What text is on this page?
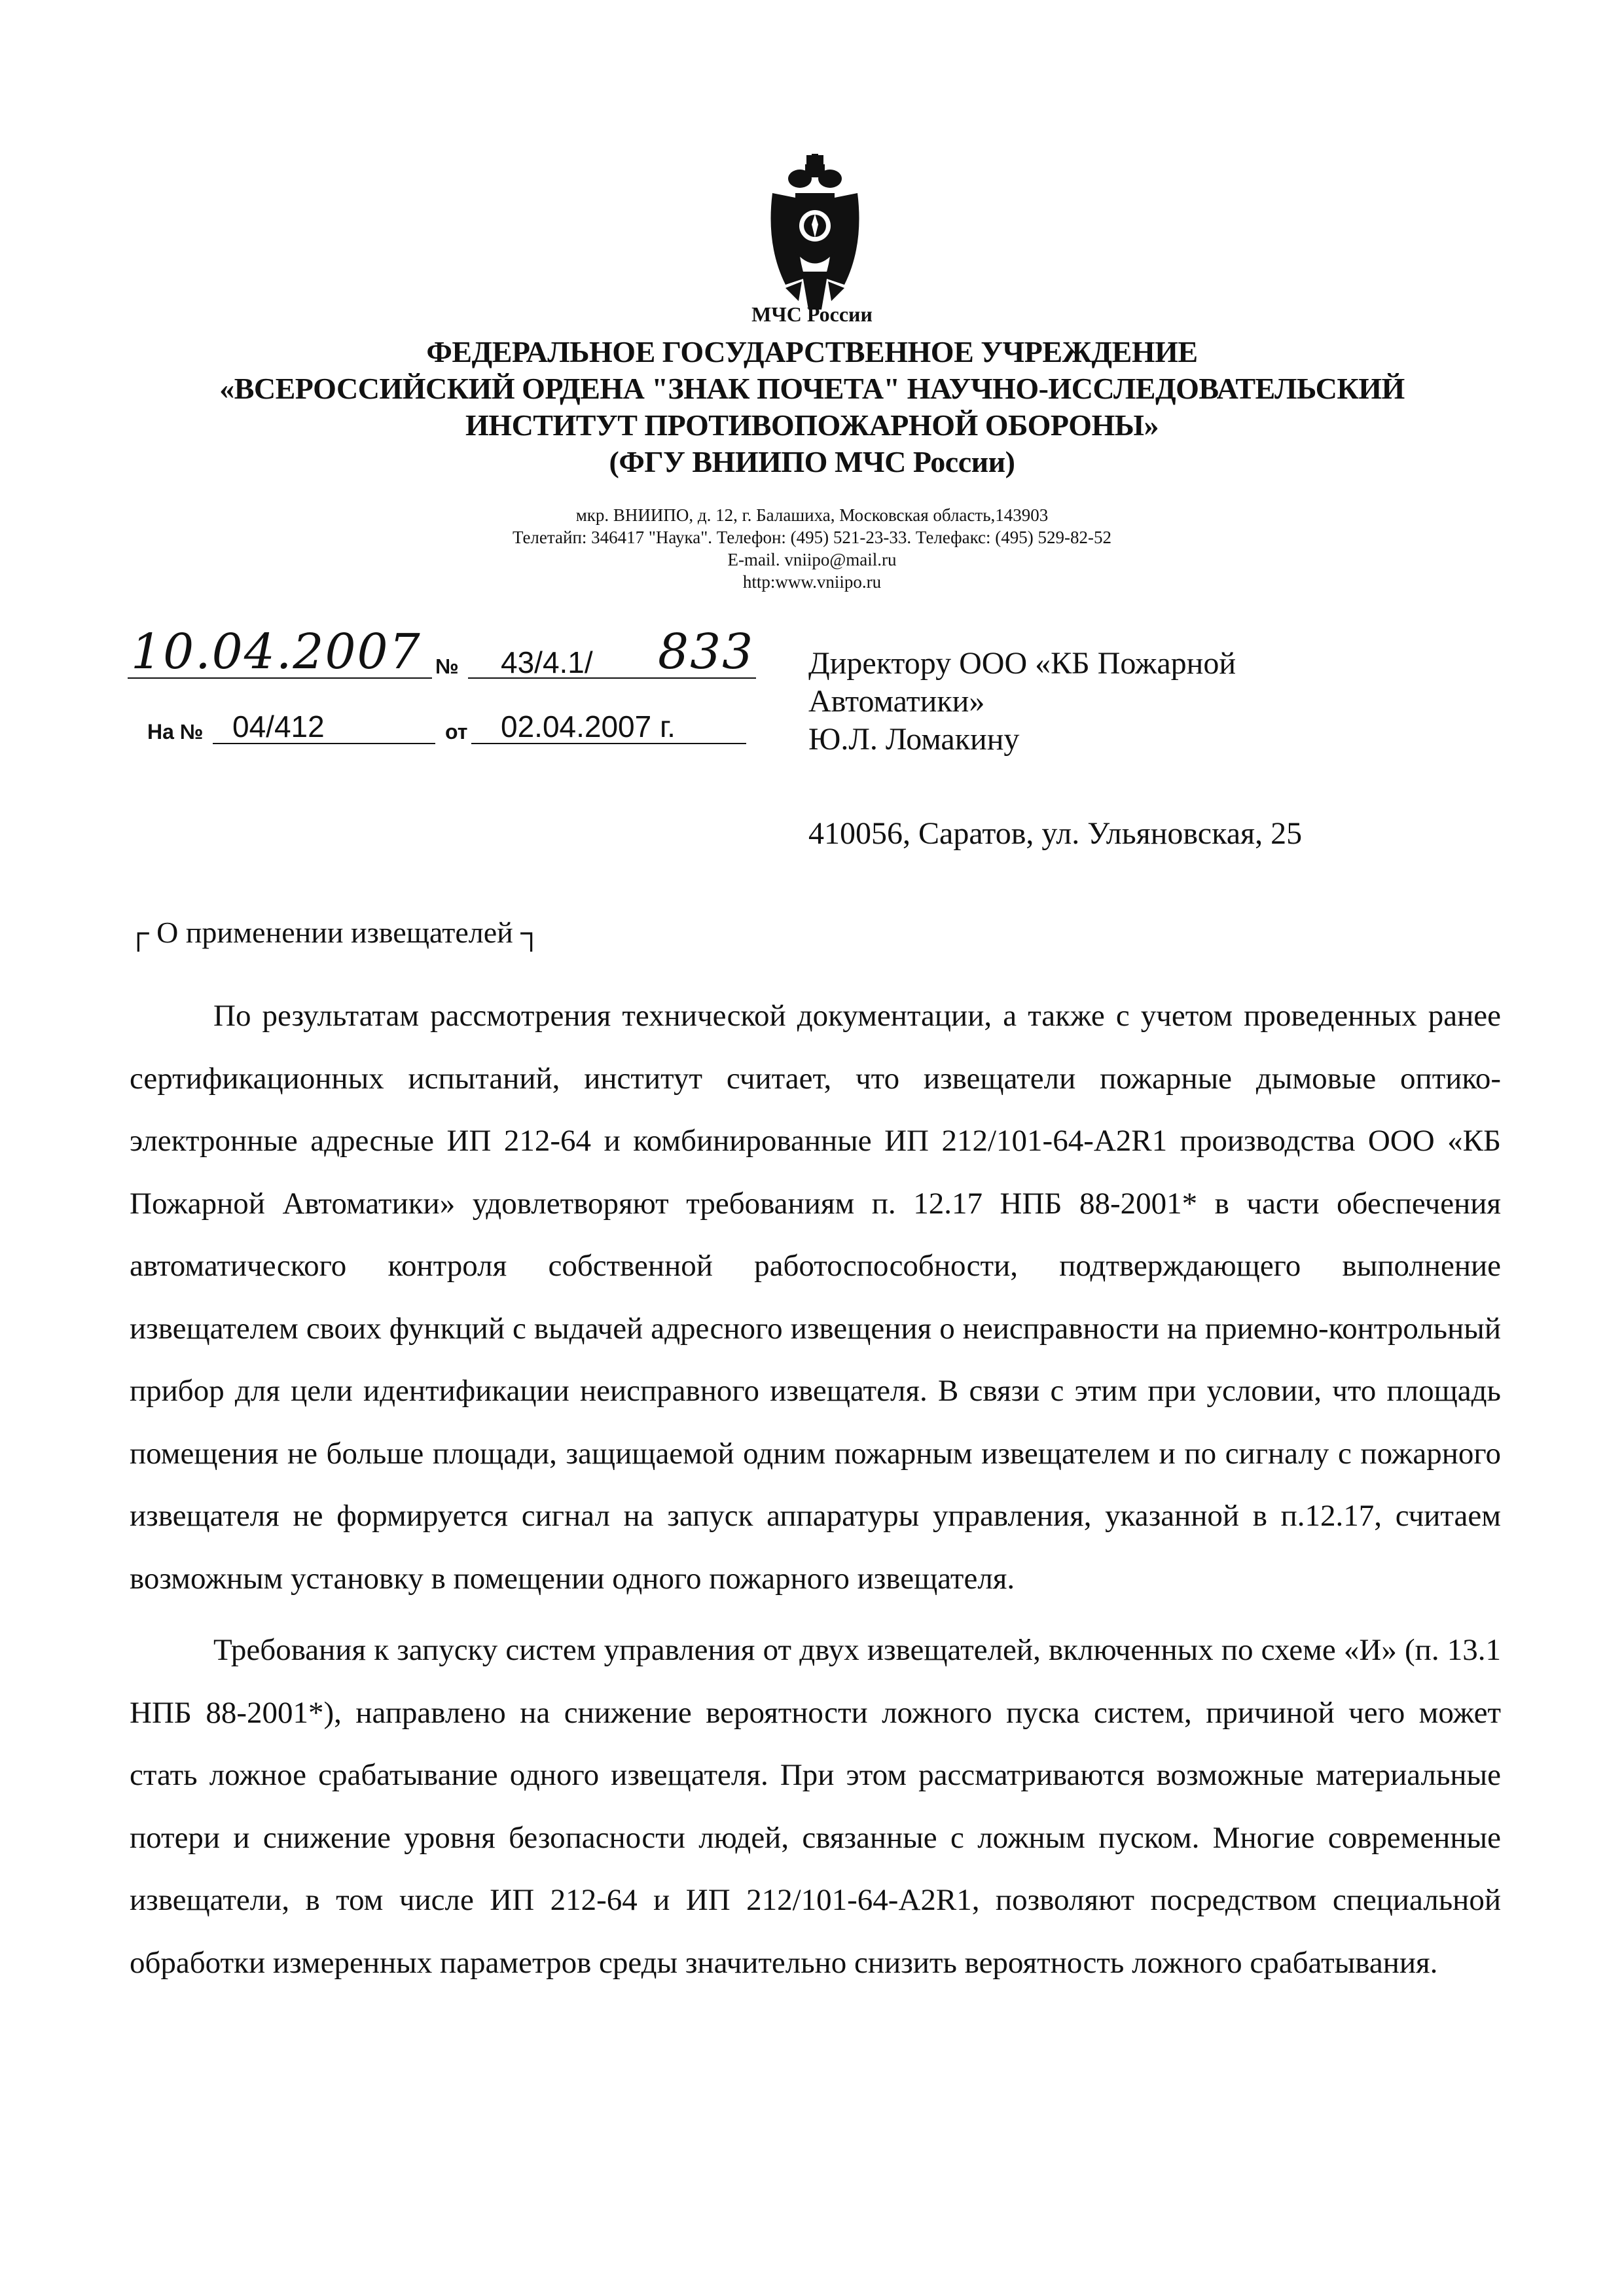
МЧС России
ФЕДЕРАЛЬНОЕ ГОСУДАРСТВЕННОЕ УЧРЕЖДЕНИЕ
«ВСЕРОССИЙСКИЙ ОРДЕНА "ЗНАК ПОЧЕТА" НАУЧНО-ИССЛЕДОВАТЕЛЬСКИЙ
ИНСТИТУТ ПРОТИВОПОЖАРНОЙ ОБОРОНЫ»
(ФГУ ВНИИПО МЧС России)
мкр. ВНИИПО, д. 12, г. Балашиха, Московская область,143903
Телетайп: 346417 "Наука". Телефон: (495) 521-23-33. Телефакс: (495) 529-82-52
E-mail. vniipo@mail.ru
http:www.vniipo.ru
10.04.2007 № 43/4.1/ 833
На № 04/412	от 02.04.2007 г.
Директору ООО «КБ Пожарной
Автоматики»
Ю.Л. Ломакину
410056, Саратов, ул. Ульяновская, 25
┌ О применении извещателей ┐

По результатам рассмотрения технической документации, а также с учетом проведенных ранее сертификационных испытаний, институт считает, что извещатели пожарные дымовые оптико-электронные адресные ИП 212-64 и комбинированные ИП 212/101-64-A2R1 производства ООО «КБ Пожарной Автоматики» удовлетворяют требованиям п. 12.17 НПБ 88-2001* в части обеспечения автоматического контроля собственной работоспособности, подтверждающего выполнение извещателем своих функций с выдачей адресного извещения о неисправности на приемно-контрольный прибор для цели идентификации неисправного извещателя. В связи с этим при условии, что площадь помещения не больше площади, защищаемой одним пожарным извещателем и по сигналу с пожарного извещателя не формируется сигнал на запуск аппаратуры управления, указанной в п.12.17, считаем возможным установку в помещении одного пожарного извещателя.

Требования к запуску систем управления от двух извещателей, включенных по схеме «И» (п. 13.1 НПБ 88-2001*), направлено на снижение вероятности ложного пуска систем, причиной чего может стать ложное срабатывание одного извещателя. При этом рассматриваются возможные материальные потери и снижение уровня безопасности людей, связанные с ложным пуском. Многие современные извещатели, в том числе ИП 212-64 и ИП 212/101-64-A2R1, позволяют посредством специальной обработки измеренных параметров среды значительно снизить вероятность ложного срабатывания.
